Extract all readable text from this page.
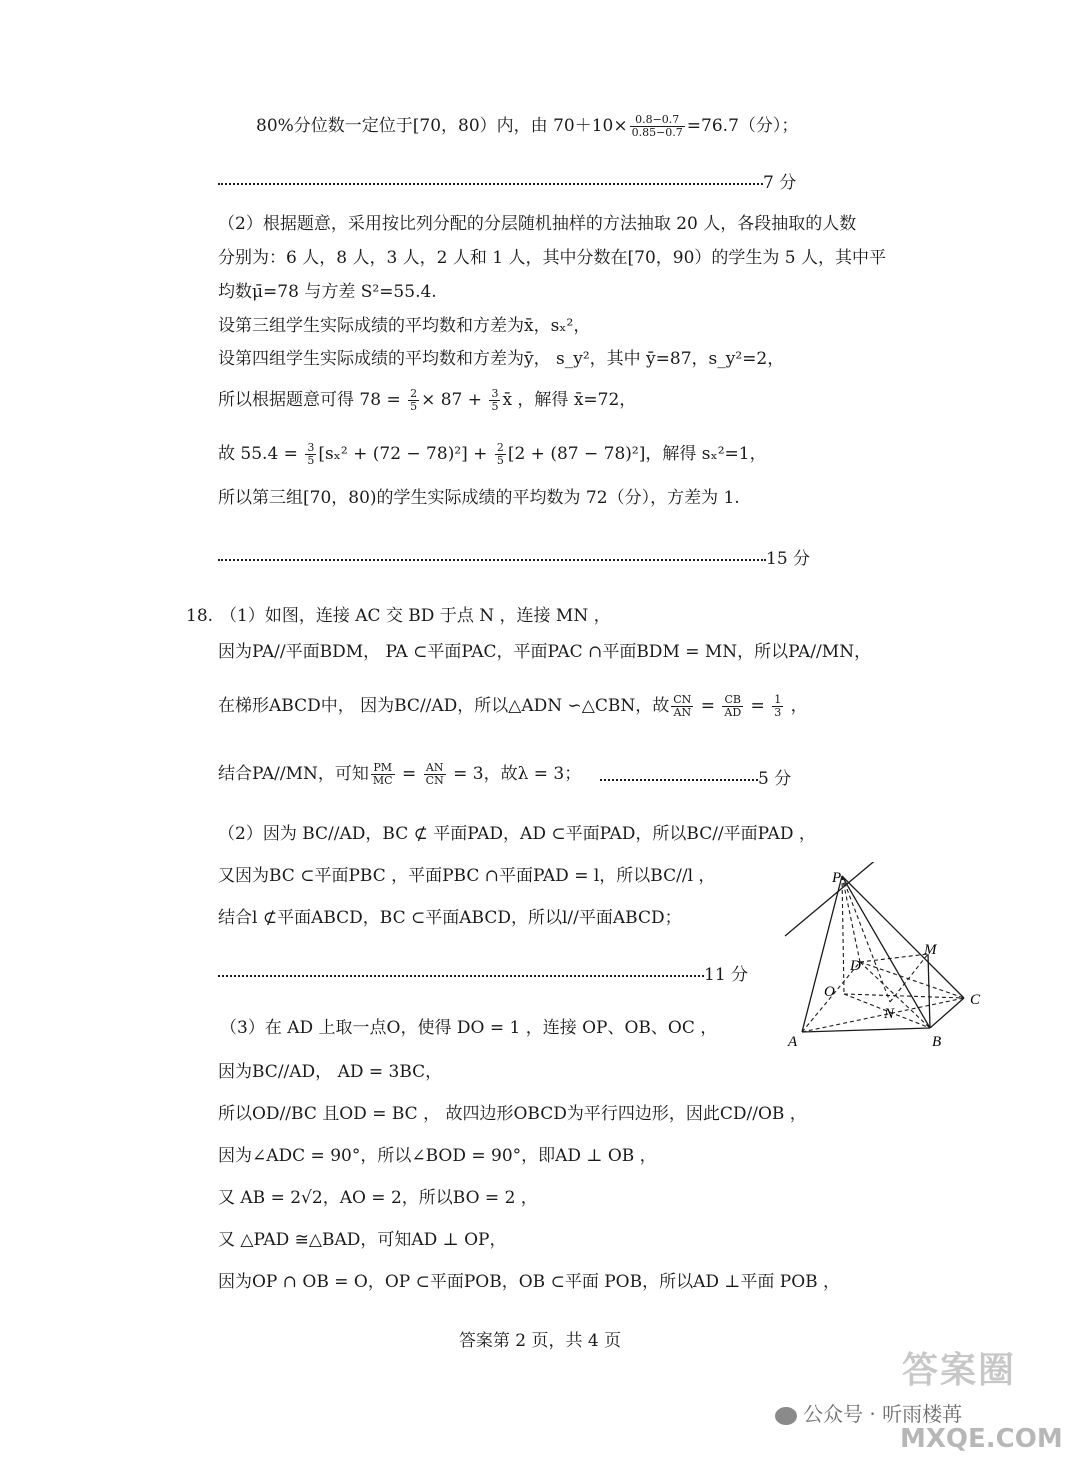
80%分位数一定位于[70，80）内，由 $70+10\times \frac{0.8-0.7}{0.85-0.7} =76.7$（分）；
7 分
（2）根据题意，采用按比列分配的分层随机抽样的方法抽取 20 人，各段抽取的人数
分别为：6 人，8 人，3 人，2 人和 1 人，其中分数在[70，90）的学生为 5 人，其中平
均数μ̄=78 与方差 S²=55.4.
设第三组学生实际成绩的平均数和方差为x̄，sₓ²，
设第四组学生实际成绩的平均数和方差为ȳ， s_y²，其中 ȳ=87，s_y²=2，
所以根据题意可得 $78 = \frac{2}{5} \times 87 + \frac{3}{5}$ x̄ ，解得 x̄=72，
故 $55.4 = \frac{3}{5} [s_x^2 + (72 - 78)^2] + \frac{2}{5} [2 + (87 - 78)^2]$，解得 sₓ²=1，
所以第三组[70，80)的学生实际成绩的平均数为 72（分），方差为 1.
15 分
18. （1）如图，连接 AC 交 BD 于点 N ，连接 MN ，
因为PA//平面BDM， PA ⊂平面PAC，平面PAC ∩平面BDM = MN，所以PA//MN，
在梯形ABCD中， 因为BC//AD，所以△ADN ∽△CBN，故 $\frac{CN}{AN} = \frac{CB}{AD} = \frac{1}{3}$ ，
结合PA//MN，可知 $\frac{PM}{MC} = \frac{AN}{CN} = 3$，故λ = 3；	5 分
（2）因为 BC//AD，BC ⊄ 平面PAD，AD ⊂平面PAD，所以BC//平面PAD ，
又因为BC ⊂平面PBC ，平面PBC ∩平面PAD = l，所以BC//l ，
结合l ⊄平面ABCD，BC ⊂平面ABCD，所以l//平面ABCD；
11 分
（3）在 AD 上取一点O，使得 DO = 1 ，连接 OP、OB、OC ，
因为BC//AD， AD = 3BC，
所以OD//BC 且OD = BC ， 故四边形OBCD为平行四边形，因此CD//OB ，
因为∠ADC = 90°，所以∠BOD = 90°，即AD ⊥ OB ，
又 AB = 2√2，AO = 2，所以BO = 2 ，
又 △PAD ≅△BAD，可知AD ⊥ OP，
因为OP ∩ OB = O，OP ⊂平面POB，OB ⊂平面 POB，所以AD ⊥平面 POB ，
P
M
D
O
N
C
A	B
答案第 2 页，共 4 页
答案圈
公众号 · 听雨楼苒
MXQE.COM
